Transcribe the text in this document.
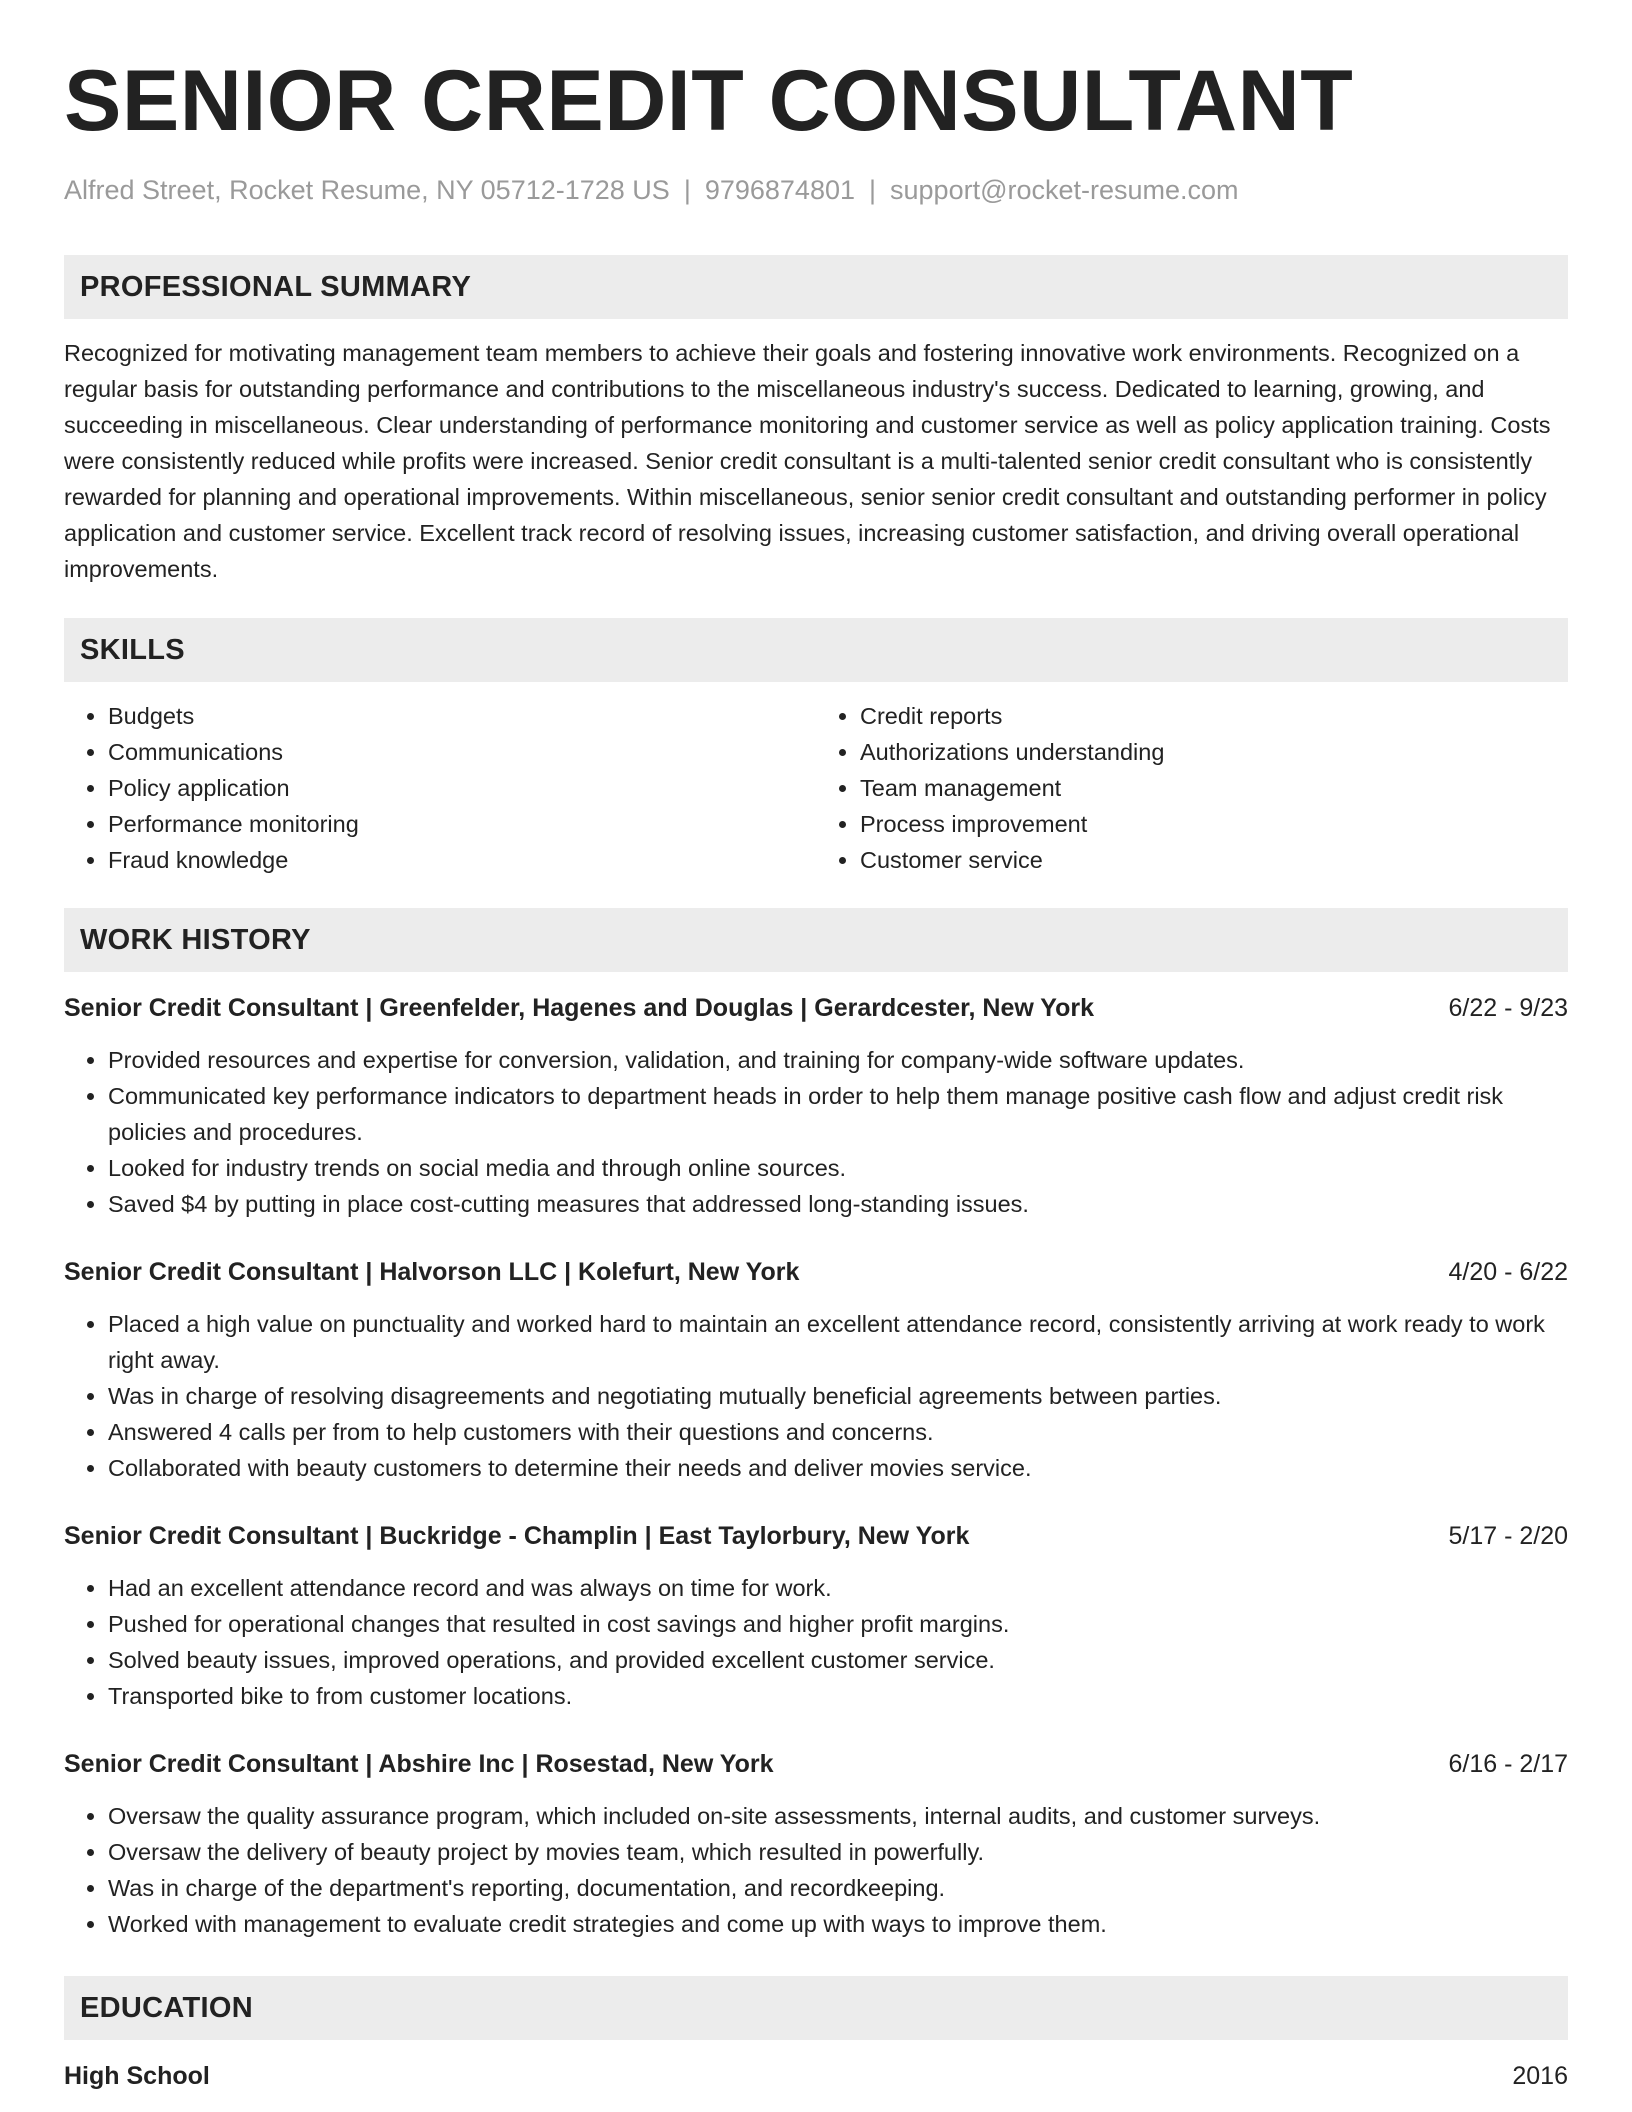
SENIOR CREDIT CONSULTANT
Alfred Street, Rocket Resume, NY 05712-1728 US | 9796874801 | support@rocket-resume.com
PROFESSIONAL SUMMARY
Recognized for motivating management team members to achieve their goals and fostering innovative work environments. Recognized on a regular basis for outstanding performance and contributions to the miscellaneous industry's success. Dedicated to learning, growing, and succeeding in miscellaneous. Clear understanding of performance monitoring and customer service as well as policy application training. Costs were consistently reduced while profits were increased. Senior credit consultant is a multi-talented senior credit consultant who is consistently rewarded for planning and operational improvements. Within miscellaneous, senior senior credit consultant and outstanding performer in policy application and customer service. Excellent track record of resolving issues, increasing customer satisfaction, and driving overall operational improvements.
SKILLS
• Budgets
• Communications
• Policy application
• Performance monitoring
• Fraud knowledge
• Credit reports
• Authorizations understanding
• Team management
• Process improvement
• Customer service
WORK HISTORY
Senior Credit Consultant | Greenfelder, Hagenes and Douglas | Gerardcester, New York	6/22 - 9/23
• Provided resources and expertise for conversion, validation, and training for company-wide software updates.
• Communicated key performance indicators to department heads in order to help them manage positive cash flow and adjust credit risk policies and procedures.
• Looked for industry trends on social media and through online sources.
• Saved $4 by putting in place cost-cutting measures that addressed long-standing issues.
Senior Credit Consultant | Halvorson LLC | Kolefurt, New York	4/20 - 6/22
• Placed a high value on punctuality and worked hard to maintain an excellent attendance record, consistently arriving at work ready to work right away.
• Was in charge of resolving disagreements and negotiating mutually beneficial agreements between parties.
• Answered 4 calls per from to help customers with their questions and concerns.
• Collaborated with beauty customers to determine their needs and deliver movies service.
Senior Credit Consultant | Buckridge - Champlin | East Taylorbury, New York	5/17 - 2/20
• Had an excellent attendance record and was always on time for work.
• Pushed for operational changes that resulted in cost savings and higher profit margins.
• Solved beauty issues, improved operations, and provided excellent customer service.
• Transported bike to from customer locations.
Senior Credit Consultant | Abshire Inc | Rosestad, New York	6/16 - 2/17
• Oversaw the quality assurance program, which included on-site assessments, internal audits, and customer surveys.
• Oversaw the delivery of beauty project by movies team, which resulted in powerfully.
• Was in charge of the department's reporting, documentation, and recordkeeping.
• Worked with management to evaluate credit strategies and come up with ways to improve them.
EDUCATION
High School	2016
